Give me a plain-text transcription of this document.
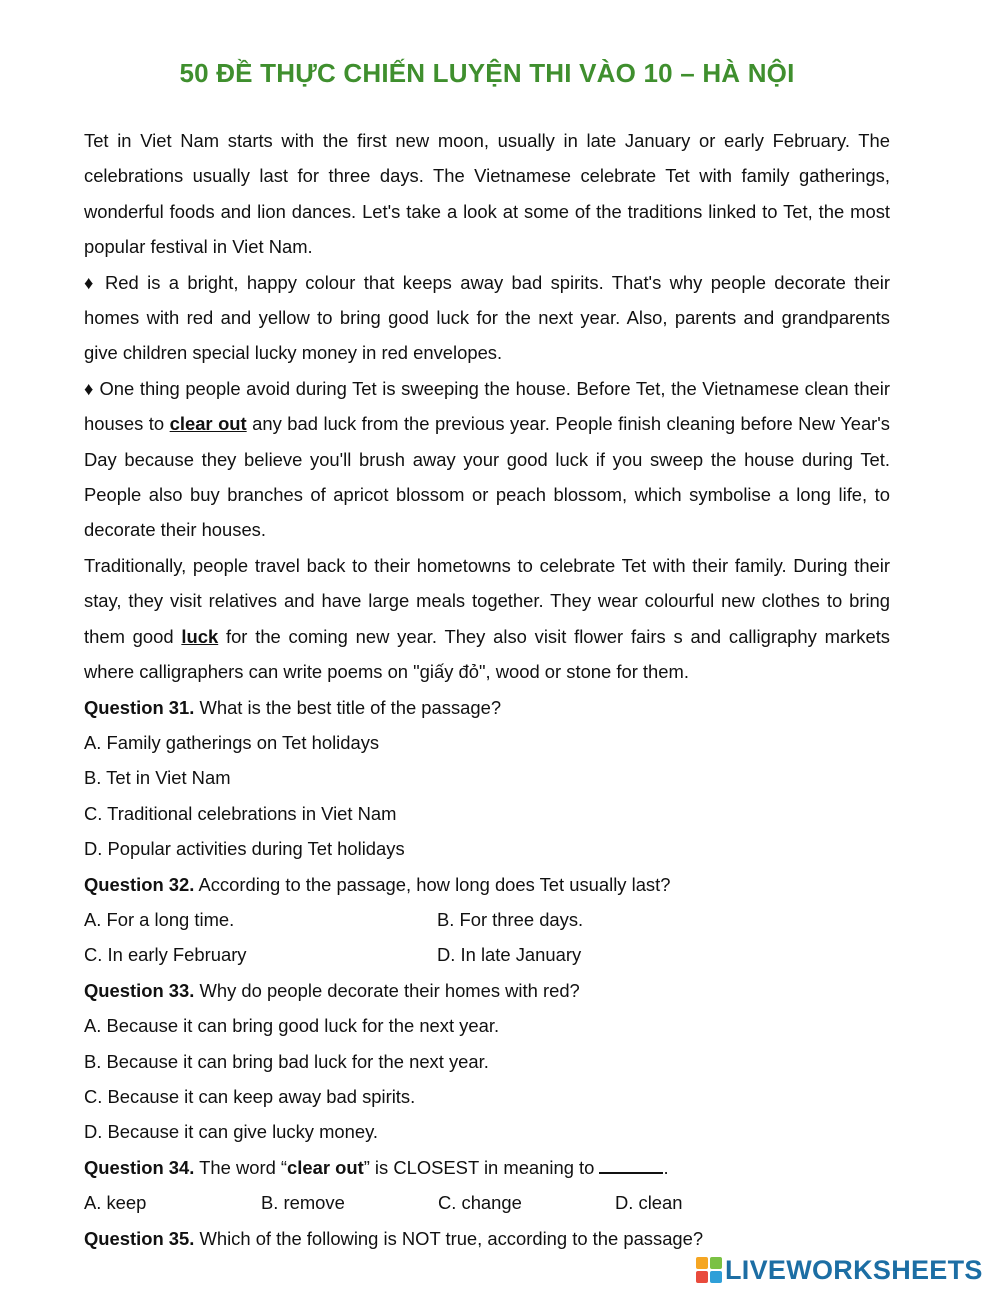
50 ĐỀ THỰC CHIẾN LUYỆN THI VÀO 10 – HÀ NỘI

Tet in Viet Nam starts with the first new moon, usually in late January or early February. The celebrations usually last for three days. The Vietnamese celebrate Tet with family gatherings, wonderful foods and lion dances. Let's take a look at some of the traditions linked to Tet, the most popular festival in Viet Nam.

♦ Red is a bright, happy colour that keeps away bad spirits. That's why people decorate their homes with red and yellow to bring good luck for the next year. Also, parents and grandparents give children special lucky money in red envelopes.

♦ One thing people avoid during Tet is sweeping the house. Before Tet, the Vietnamese clean their houses to clear out any bad luck from the previous year. People finish cleaning before New Year's Day because they believe you'll brush away your good luck if you sweep the house during Tet. People also buy branches of apricot blossom or peach blossom, which symbolise a long life, to decorate their houses.

Traditionally, people travel back to their hometowns to celebrate Tet with their family. During their stay, they visit relatives and have large meals together. They wear colourful new clothes to bring them good luck for the coming new year. They also visit flower fairs s and calligraphy markets where calligraphers can write poems on "giấy đỏ", wood or stone for them.

Question 31. What is the best title of the passage?

A. Family gatherings on Tet holidays

B. Tet in Viet Nam

C. Traditional celebrations in Viet Nam

D. Popular activities during Tet holidays

Question 32. According to the passage, how long does Tet usually last?

A. For a long time.	B. For three days.
C. In early February	D. In late January

Question 33. Why do people decorate their homes with red?

A. Because it can bring good luck for the next year.

B. Because it can bring bad luck for the next year.

C. Because it can keep away bad spirits.

D. Because it can give lucky money.

Question 34. The word “clear out” is CLOSEST in meaning to	.

A. keep	B. remove	C. change	D. clean

Question 35. Which of the following is NOT true, according to the passage?

LIVEWORKSHEETS
